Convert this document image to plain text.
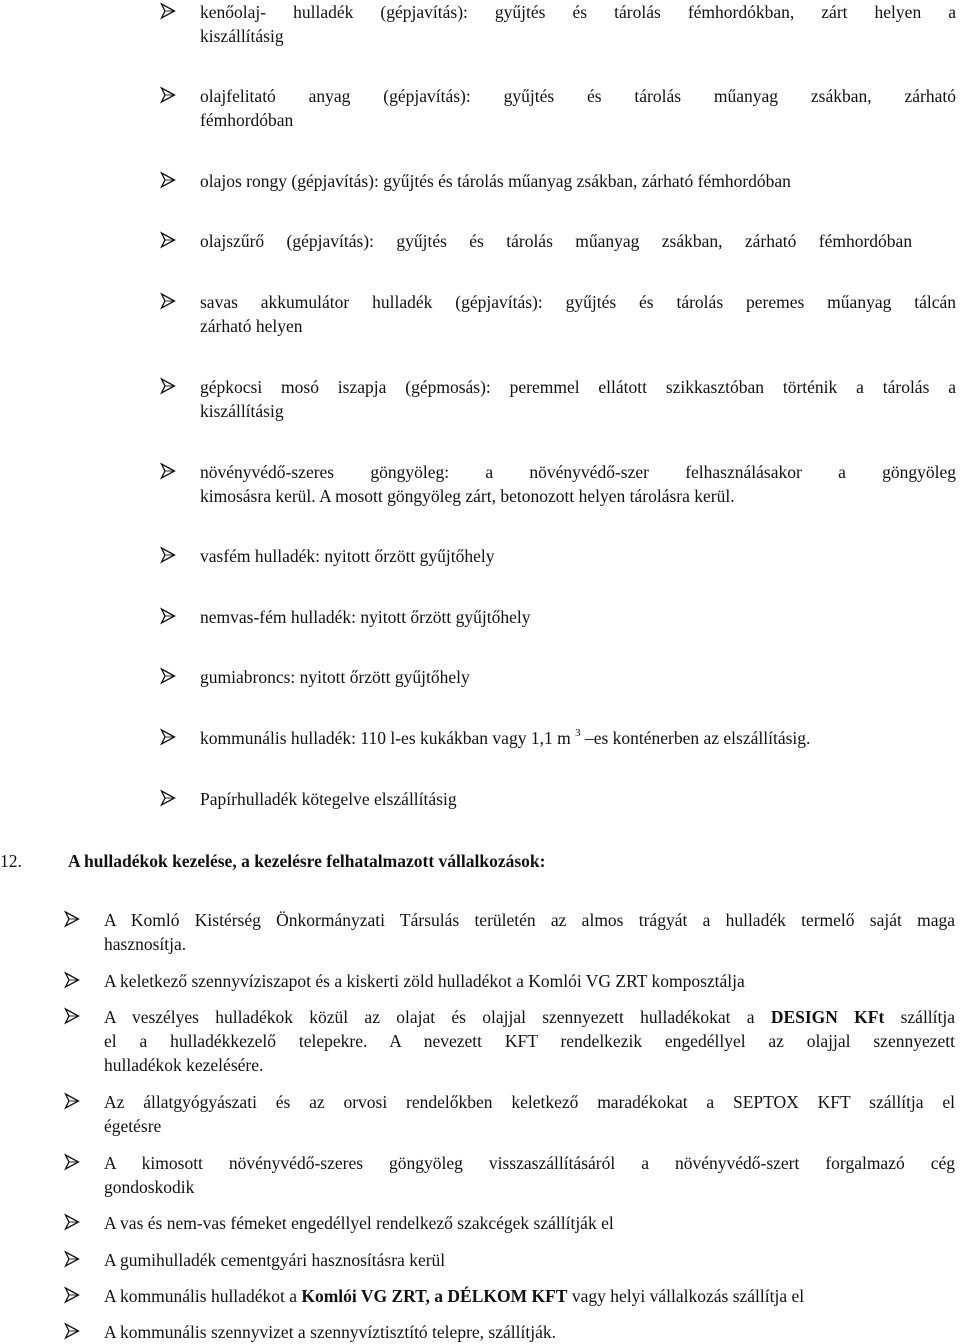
kenőolaj- hulladék (gépjavítás): gyűjtés és tárolás fémhordókban, zárt helyen a
kiszállításig
olajfelitató anyag (gépjavítás): gyűjtés és tárolás műanyag zsákban, zárható
fémhordóban
olajos rongy (gépjavítás): gyűjtés és tárolás műanyag zsákban, zárható fémhordóban
olajszűrő (gépjavítás): gyűjtés és tárolás műanyag zsákban, zárható fémhordóban
savas akkumulátor hulladék (gépjavítás): gyűjtés és tárolás peremes műanyag tálcán
zárható helyen
gépkocsi mosó iszapja (gépmosás): peremmel ellátott szikkasztóban történik a tárolás a
kiszállításig
növényvédő-szeres göngyöleg: a növényvédő-szer felhasználásakor a göngyöleg
kimosásra kerül. A mosott göngyöleg zárt, betonozott helyen tárolásra kerül.
vasfém hulladék: nyitott őrzött gyűjtőhely
nemvas-fém hulladék: nyitott őrzött gyűjtőhely
gumiabroncs: nyitott őrzött gyűjtőhely
kommunális hulladék: 110 l-es kukákban vagy 1,1 m $^3$ –es konténerben az elszállításig.
Papírhulladék kötegelve elszállításig
12.	A hulladékok kezelése, a kezelésre felhatalmazott vállalkozások:
A Komló Kistérség Önkormányzati Társulás területén az almos trágyát a hulladék termelő saját maga
hasznosítja.
A keletkező szennyvíziszapot és a kiskerti zöld hulladékot a Komlói VG ZRT komposztálja
A veszélyes hulladékok közül az olajat és olajjal szennyezett hulladékokat a DESIGN KFt szállítja
el a hulladékkezelő telepekre. A nevezett KFT rendelkezik engedéllyel az olajjal szennyezett
hulladékok kezelésére.
Az állatgyógyászati és az orvosi rendelőkben keletkező maradékokat a SEPTOX KFT szállítja el
égetésre
A kimosott növényvédő-szeres göngyöleg visszaszállításáról a növényvédő-szert forgalmazó cég
gondoskodik
A vas és nem-vas fémeket engedéllyel rendelkező szakcégek szállítják el
A gumihulladék cementgyári hasznosításra kerül
A kommunális hulladékot a Komlói VG ZRT, a DÉLKOM KFT vagy helyi vállalkozás szállítja el
A kommunális szennyvizet a szennyvíztisztító telepre, szállítják.
